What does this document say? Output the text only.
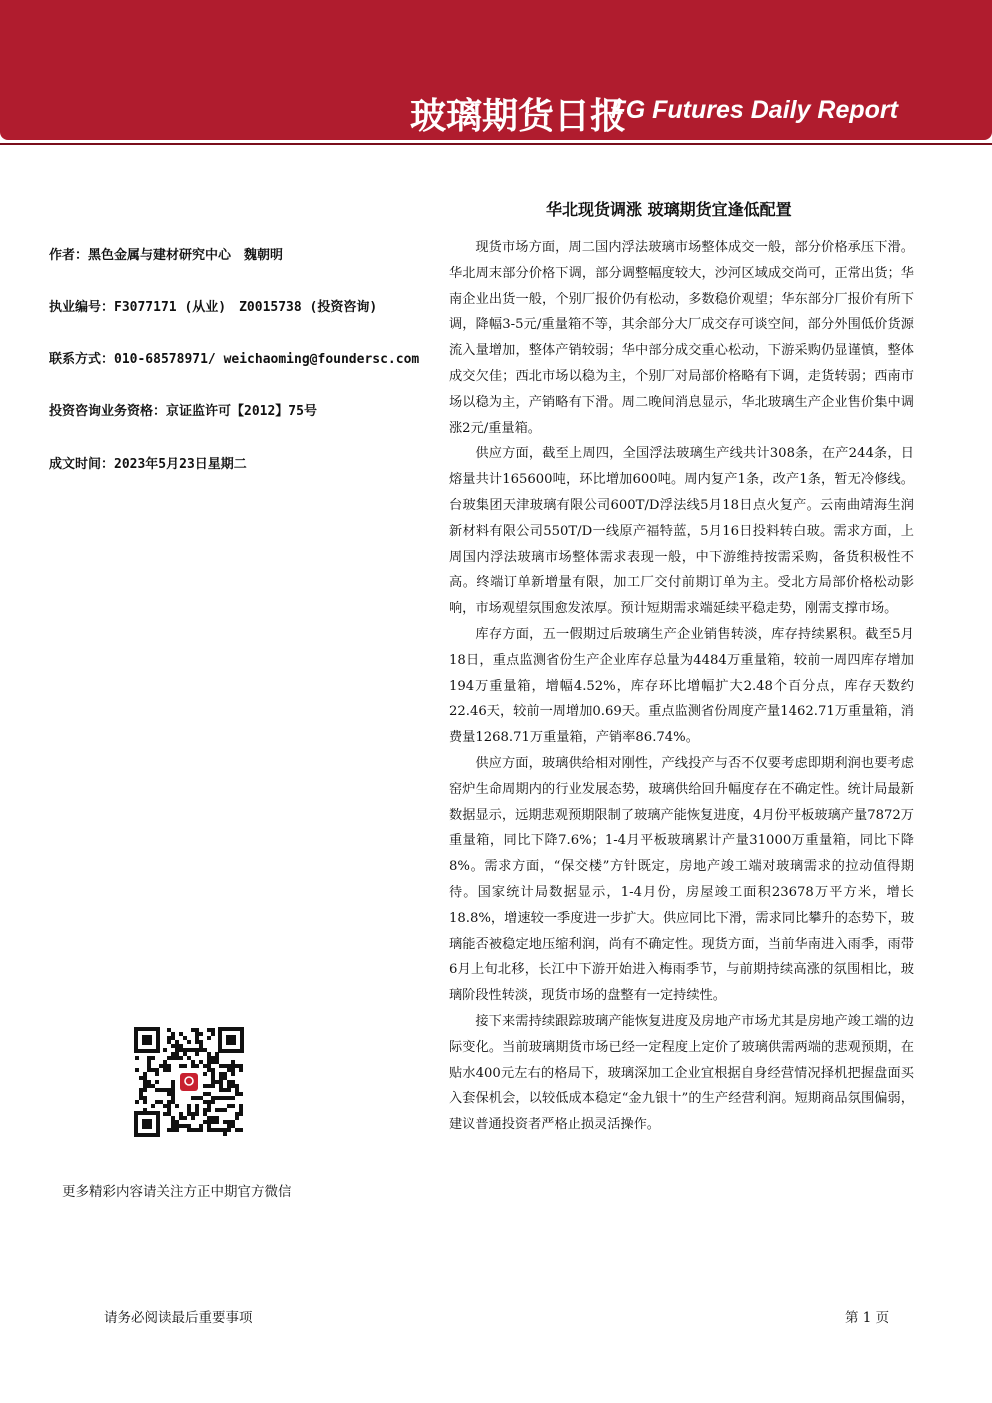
玻璃期货日报
FG Futures Daily Report
华北现货调涨 玻璃期货宜逢低配置
作者：黑色金属与建材研究中心　魏朝明
执业编号：F3077171 (从业)　Z0015738 (投资咨询)
联系方式：010-68578971/ weichaoming@foundersc.com
投资咨询业务资格：京证监许可【2012】75号
成文时间：2023年5月23日星期二
更多精彩内容请关注方正中期官方微信

现货市场方面，周二国内浮法玻璃市场整体成交一般，部分价格承压下滑。华北周末部分价格下调，部分调整幅度较大，沙河区域成交尚可，正常出货；华南企业出货一般，个别厂报价仍有松动，多数稳价观望；华东部分厂报价有所下调，降幅3-5元/重量箱不等，其余部分大厂成交存可谈空间，部分外围低价货源流入量增加，整体产销较弱；华中部分成交重心松动，下游采购仍显谨慎，整体成交欠佳；西北市场以稳为主，个别厂对局部价格略有下调，走货转弱；西南市场以稳为主，产销略有下滑。周二晚间消息显示，华北玻璃生产企业售价集中调涨2元/重量箱。

供应方面，截至上周四，全国浮法玻璃生产线共计308条，在产244条，日熔量共计165600吨，环比增加600吨。周内复产1条，改产1条，暂无冷修线。台玻集团天津玻璃有限公司600T/D浮法线5月18日点火复产。云南曲靖海生润新材料有限公司550T/D一线原产福特蓝，5月16日投料转白玻。需求方面，上周国内浮法玻璃市场整体需求表现一般，中下游维持按需采购，备货积极性不高。终端订单新增量有限，加工厂交付前期订单为主。受北方局部价格松动影响，市场观望氛围愈发浓厚。预计短期需求端延续平稳走势，刚需支撑市场。

库存方面，五一假期过后玻璃生产企业销售转淡，库存持续累积。截至5月18日，重点监测省份生产企业库存总量为4484万重量箱，较前一周四库存增加194万重量箱，增幅4.52%，库存环比增幅扩大2.48个百分点，库存天数约22.46天，较前一周增加0.69天。重点监测省份周度产量1462.71万重量箱，消费量1268.71万重量箱，产销率86.74%。

供应方面，玻璃供给相对刚性，产线投产与否不仅要考虑即期利润也要考虑窑炉生命周期内的行业发展态势，玻璃供给回升幅度存在不确定性。统计局最新数据显示，远期悲观预期限制了玻璃产能恢复进度，4月份平板玻璃产量7872万重量箱，同比下降7.6%；1-4月平板玻璃累计产量31000万重量箱，同比下降8%。需求方面，“保交楼”方针既定，房地产竣工端对玻璃需求的拉动值得期待。国家统计局数据显示，1-4月份，房屋竣工面积23678万平方米，增长18.8%，增速较一季度进一步扩大。供应同比下滑，需求同比攀升的态势下，玻璃能否被稳定地压缩利润，尚有不确定性。现货方面，当前华南进入雨季，雨带6月上旬北移，长江中下游开始进入梅雨季节，与前期持续高涨的氛围相比，玻璃阶段性转淡，现货市场的盘整有一定持续性。

接下来需持续跟踪玻璃产能恢复进度及房地产市场尤其是房地产竣工端的边际变化。当前玻璃期货市场已经一定程度上定价了玻璃供需两端的悲观预期，在贴水400元左右的格局下，玻璃深加工企业宜根据自身经营情况择机把握盘面买入套保机会，以较低成本稳定“金九银十”的生产经营利润。短期商品氛围偏弱，建议普通投资者严格止损灵活操作。

请务必阅读最后重要事项	第 1 页
